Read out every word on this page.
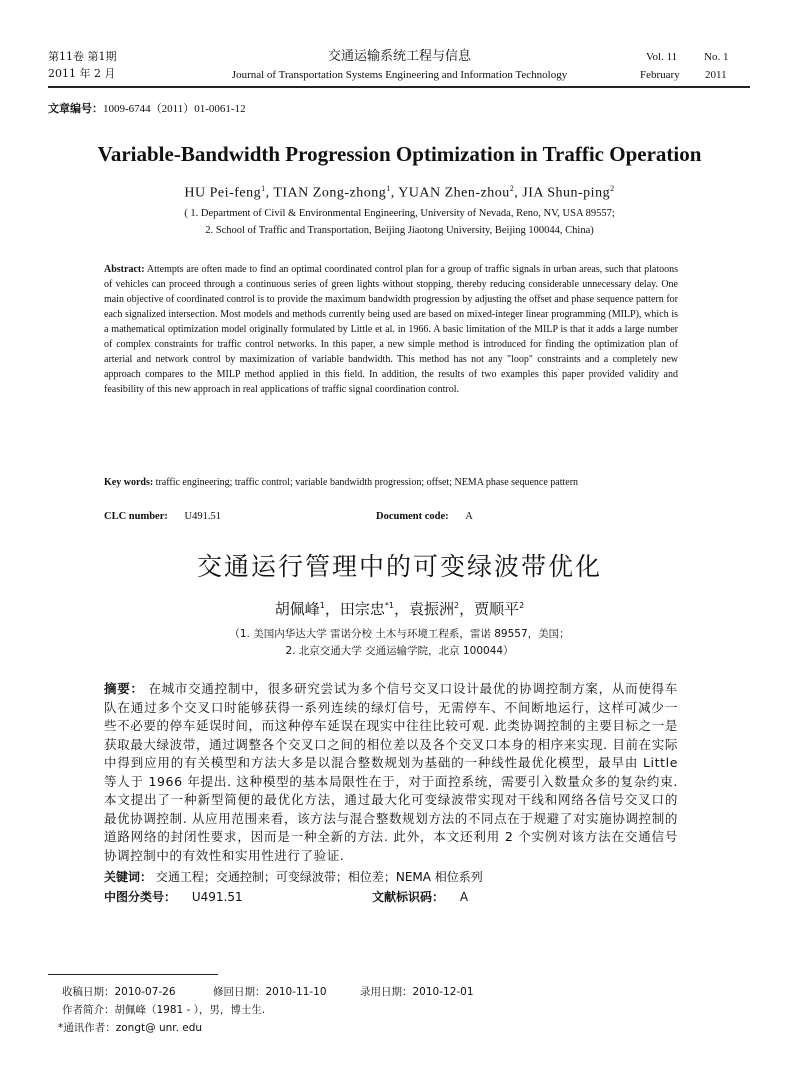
第11卷 第1期
2011 年 2 月
交通运输系统工程与信息
Journal of Transportation Systems Engineering and Information Technology
Vol. 11 No. 1
February 2011
文章编号：1009-6744（2011）01-0061-12
Variable-Bandwidth Progression Optimization in Traffic Operation
HU Pei-feng$^1$, TIAN Zong-zhong$^1$, YUAN Zhen-zhou$^2$, JIA Shun-ping$^2$
( 1. Department of Civil & Environmental Engineering, University of Nevada, Reno, NV, USA 89557;
2. School of Traffic and Transportation, Beijing Jiaotong University, Beijing 100044, China)
Abstract: Attempts are often made to find an optimal coordinated control plan for a group of traffic signals in urban areas, such that platoons of vehicles can proceed through a continuous series of green lights without stopping, thereby reducing considerable unnecessary delay. One main objective of coordinated control is to provide the maximum bandwidth progression by adjusting the offset and phase sequence pattern for each signalized intersection. Most models and methods currently being used are based on mixed-integer linear programming (MILP), which is a mathematical optimization model originally formulated by Little et al. in 1966. A basic limitation of the MILP is that it adds a large number of complex constraints for traffic control networks. In this paper, a new simple method is introduced for finding the optimization plan of arterial and network control by maximization of variable bandwidth. This method has not any "loop" constraints and a completely new approach compares to the MILP method applied in this field. In addition, the results of two examples this paper provided validity and feasibility of this new approach in real applications of traffic signal coordination control.
Key words: traffic engineering; traffic control; variable bandwidth progression; offset; NEMA phase sequence pattern
CLC number: U491.51	Document code: A
交通运行管理中的可变绿波带优化
胡佩峰$^1$，田宗忠$^{*1}$，袁振洲$^2$，贾顺平$^2$
（1. 美国内华达大学 雷诺分校 土木与环境工程系，雷诺 89557，美国；
2. 北京交通大学 交通运输学院，北京 100044）
摘要： 在城市交通控制中，很多研究尝试为多个信号交叉口设计最优的协调控制方案，从而使得车队在通过多个交叉口时能够获得一系列连续的绿灯信号，无需停车、不间断地运行，这样可减少一些不必要的停车延误时间，而这种停车延误在现实中往往比较可观. 此类协调控制的主要目标之一是获取最大绿波带，通过调整各个交叉口之间的相位差以及各个交叉口本身的相序来实现. 目前在实际中得到应用的有关模型和方法大多是以混合整数规划为基础的一种线性最优化模型，最早由 Little 等人于 1966 年提出. 这种模型的基本局限性在于，对于面控系统，需要引入数量众多的复杂约束. 本文提出了一种新型简便的最优化方法，通过最大化可变绿波带实现对干线和网络各信号交叉口的最优协调控制. 从应用范围来看，该方法与混合整数规划方法的不同点在于规避了对实施协调控制的道路网络的封闭性要求，因而是一种全新的方法. 此外，本文还利用 2 个实例对该方法在交通信号协调控制中的有效性和实用性进行了验证.
关键词： 交通工程；交通控制；可变绿波带；相位差；NEMA 相位系列
中图分类号： U491.51	文献标识码： A
收稿日期：2010-07-26	修回日期：2010-11-10	录用日期：2010-12-01
作者简介：胡佩峰（1981 - ），男，博士生.
*通讯作者：zongt@ unr. edu
